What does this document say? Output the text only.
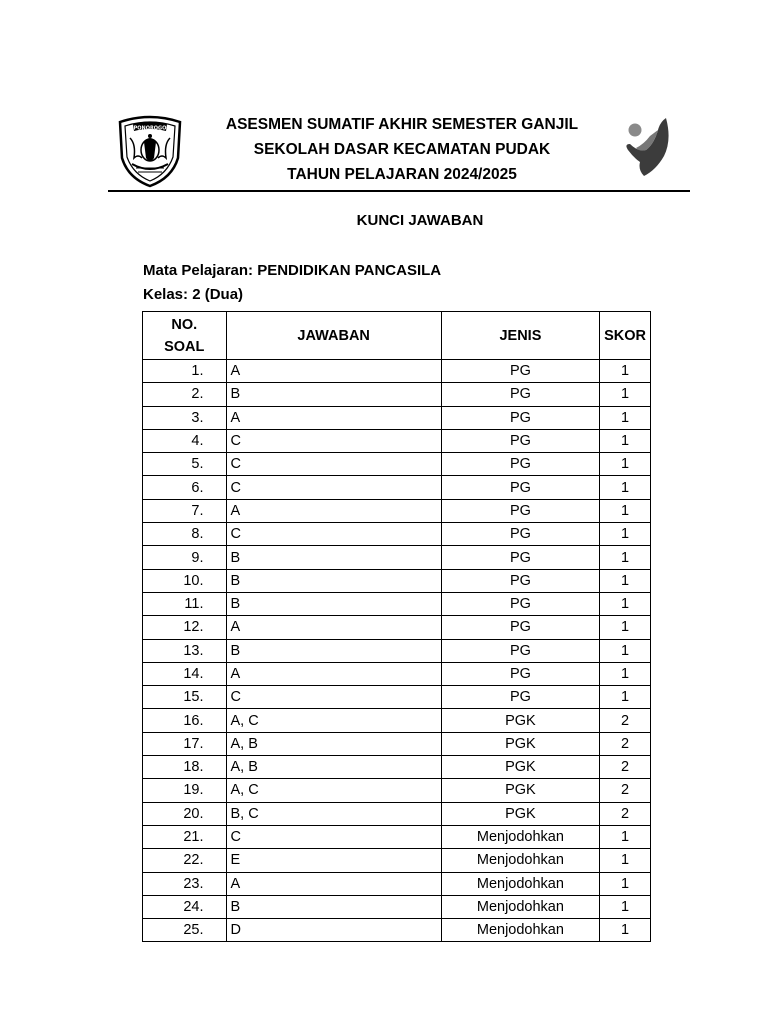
PONOROGO	ASESMEN SUMATIF AKHIR SEMESTER GANJIL
SEKOLAH DASAR KECAMATAN PUDAK
TAHUN PELAJARAN 2024/2025
KUNCI JAWABAN
Mata Pelajaran: PENDIDIKAN PANCASILA
Kelas: 2 (Dua)
NO.
SOAL	JAWABAN	JENIS	SKOR
1.	A	PG	1
2.	B	PG	1
3.	A	PG	1
4.	C	PG	1
5.	C	PG	1
6.	C	PG	1
7.	A	PG	1
8.	C	PG	1
9.	B	PG	1
10.	B	PG	1
11.	B	PG	1
12.	A	PG	1
13.	B	PG	1
14.	A	PG	1
15.	C	PG	1
16.	A, C	PGK	2
17.	A, B	PGK	2
18.	A, B	PGK	2
19.	A, C	PGK	2
20.	B, C	PGK	2
21.	C	Menjodohkan	1
22.	E	Menjodohkan	1
23.	A	Menjodohkan	1
24.	B	Menjodohkan	1
25.	D	Menjodohkan	1
